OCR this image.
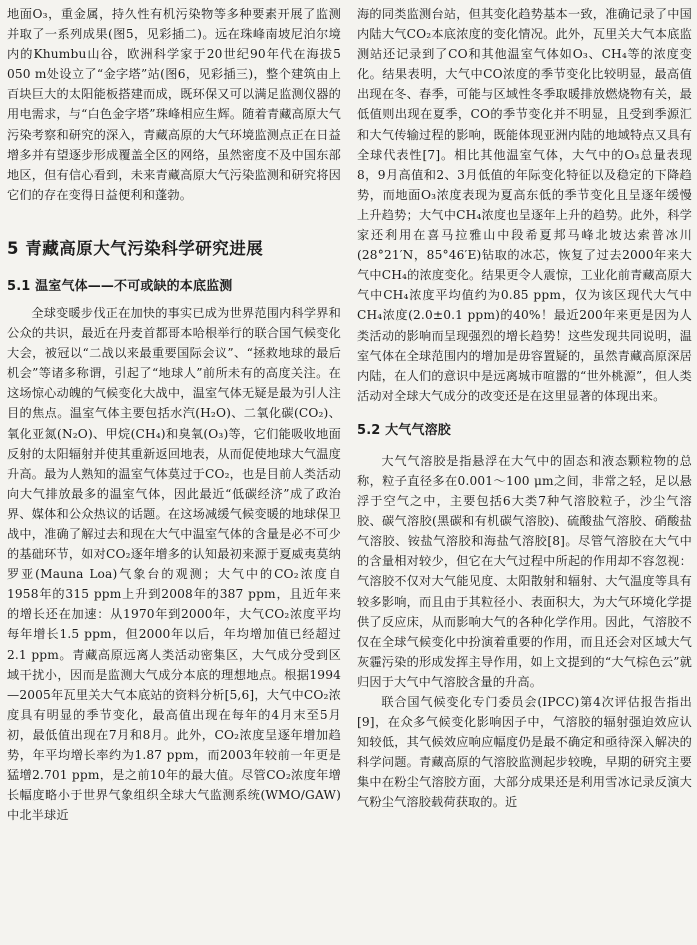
地面O₃，重金属，持久性有机污染物等多种要素开展了监测并取了一系列成果(图5，见彩插二)。远在珠峰南坡尼泊尔境内的Khumbu山谷，欧洲科学家于20世纪90年代在海拔5 050 m处设立了“金字塔”站(图6，见彩插三)，整个建筑由上百块巨大的太阳能板搭建而成，既环保又可以满足监测仪器的用电需求，与“白色金字塔”珠峰相应生辉。随着青藏高原大气污染考察和研究的深入，青藏高原的大气环境监测点正在日益增多并有望逐步形成覆盖全区的网络，虽然密度不及中国东部地区，但有信心看到，未来青藏高原大气污染监测和研究将因它们的存在变得日益便利和蓬勃。

5 青藏高原大气污染科学研究进展
5.1 温室气体——不可或缺的本底监测

全球变暖步伐正在加快的事实已成为世界范围内科学界和公众的共识，最近在丹麦首都哥本哈根举行的联合国气候变化大会，被冠以“二战以来最重要国际会议”、“拯救地球的最后机会”等诸多称谓，引起了“地球人”前所未有的高度关注。在这场惊心动魄的气候变化大战中，温室气体无疑是最为引人注目的焦点。温室气体主要包括水汽(H₂O)、二氧化碳(CO₂)、氧化亚氮(N₂O)、甲烷(CH₄)和臭氧(O₃)等，它们能吸收地面反射的太阳辐射并使其重新返回地表，从而促使地球大气温度升高。最为人熟知的温室气体莫过于CO₂，也是目前人类活动向大气排放最多的温室气体，因此最近“低碳经济”成了政治界、媒体和公众热议的话题。在这场减缓气候变暖的地球保卫战中，准确了解过去和现在大气中温室气体的含量是必不可少的基础环节，如对CO₂逐年增多的认知最初来源于夏威夷莫纳罗亚(Mauna Loa)气象台的观测；大气中的CO₂浓度自1958年的315 ppm上升到2008年的387 ppm，且近年来的增长还在加速：从1970年到2000年，大气CO₂浓度平均每年增长1.5 ppm，但2000年以后，年均增加值已经超过2.1 ppm。青藏高原远离人类活动密集区，大气成分受到区域干扰小，因而是监测大气成分本底的理想地点。根据1994—2005年瓦里关大气本底站的资料分析[5,6]，大气中CO₂浓度具有明显的季节变化，最高值出现在每年的4月末至5月初，最低值出现在7月和8月。此外，CO₂浓度呈逐年增加趋势，年平均增长率约为1.87 ppm，而2003年较前一年更是猛增2.701 ppm，是之前10年的最大值。尽管CO₂浓度年增长幅度略小于世界气象组织全球大气监测系统(WMO/GAW)中北半球近

海的同类监测台站，但其变化趋势基本一致，准确记录了中国内陆大气CO₂本底浓度的变化情况。此外，瓦里关大气本底监测站还记录到了CO和其他温室气体如O₃、CH₄等的浓度变化。结果表明，大气中CO浓度的季节变化比较明显，最高值出现在冬、春季，可能与区域性冬季取暖排放燃烧物有关，最低值则出现在夏季，CO的季节变化并不明显，且受到季源汇和大气传输过程的影响，既能体现亚洲内陆的地域特点又具有全球代表性[7]。相比其他温室气体，大气中的O₃总量表现8，9月高值和2、3月低值的年际变化特征以及稳定的下降趋势，而地面O₃浓度表现为夏高东低的季节变化且呈逐年缓慢上升趋势；大气中CH₄浓度也呈逐年上升的趋势。此外，科学家还利用在喜马拉雅山中段希夏邦马峰北坡达索普冰川(28°21′N，85°46′E)钻取的冰芯，恢复了过去2000年来大气中CH₄的浓度变化。结果更令人震惊，工业化前青藏高原大气中CH₄浓度平均值约为0.85 ppm，仅为该区现代大气中CH₄浓度(2.0±0.1 ppm)的40%！最近200年来更是因为人类活动的影响而呈现强烈的增长趋势！这些发现共同说明，温室气体在全球范围内的增加是毋容置疑的，虽然青藏高原深居内陆，在人们的意识中是远离城市喧嚣的“世外桃源”，但人类活动对全球大气成分的改变还是在这里显著的体现出来。

5.2 大气气溶胶

大气气溶胶是指悬浮在大气中的固态和液态颗粒物的总称，粒子直径多在0.001～100 μm之间，非常之轻，足以悬浮于空气之中，主要包括6大类7种气溶胶粒子，沙尘气溶胶、碳气溶胶(黑碳和有机碳气溶胶)、硫酸盐气溶胶、硝酸盐气溶胶、铵盐气溶胶和海盐气溶胶[8]。尽管气溶胶在大气中的含量相对较少，但它在大气过程中所起的作用却不容忽视：气溶胶不仅对大气能见度、太阳散射和辐射、大气温度等具有较多影响，而且由于其粒径小、表面积大，为大气环境化学提供了反应床，从而影响大气的各种化学作用。因此，气溶胶不仅在全球气候变化中扮演着重要的作用，而且还会对区域大气灰霾污染的形成发挥主导作用，如上文提到的“大气棕色云”就归因于大气中气溶胶含量的升高。

联合国气候变化专门委员会(IPCC)第4次评估报告指出[9]，在众多气候变化影响因子中，气溶胶的辐射强迫效应认知较低，其气候效应响应幅度仍是最不确定和亟待深入解决的科学问题。青藏高原的气溶胶监测起步较晚，早期的研究主要集中在粉尘气溶胶方面，大部分成果还是利用雪冰记录反演大气粉尘气溶胶载荷获取的。近
